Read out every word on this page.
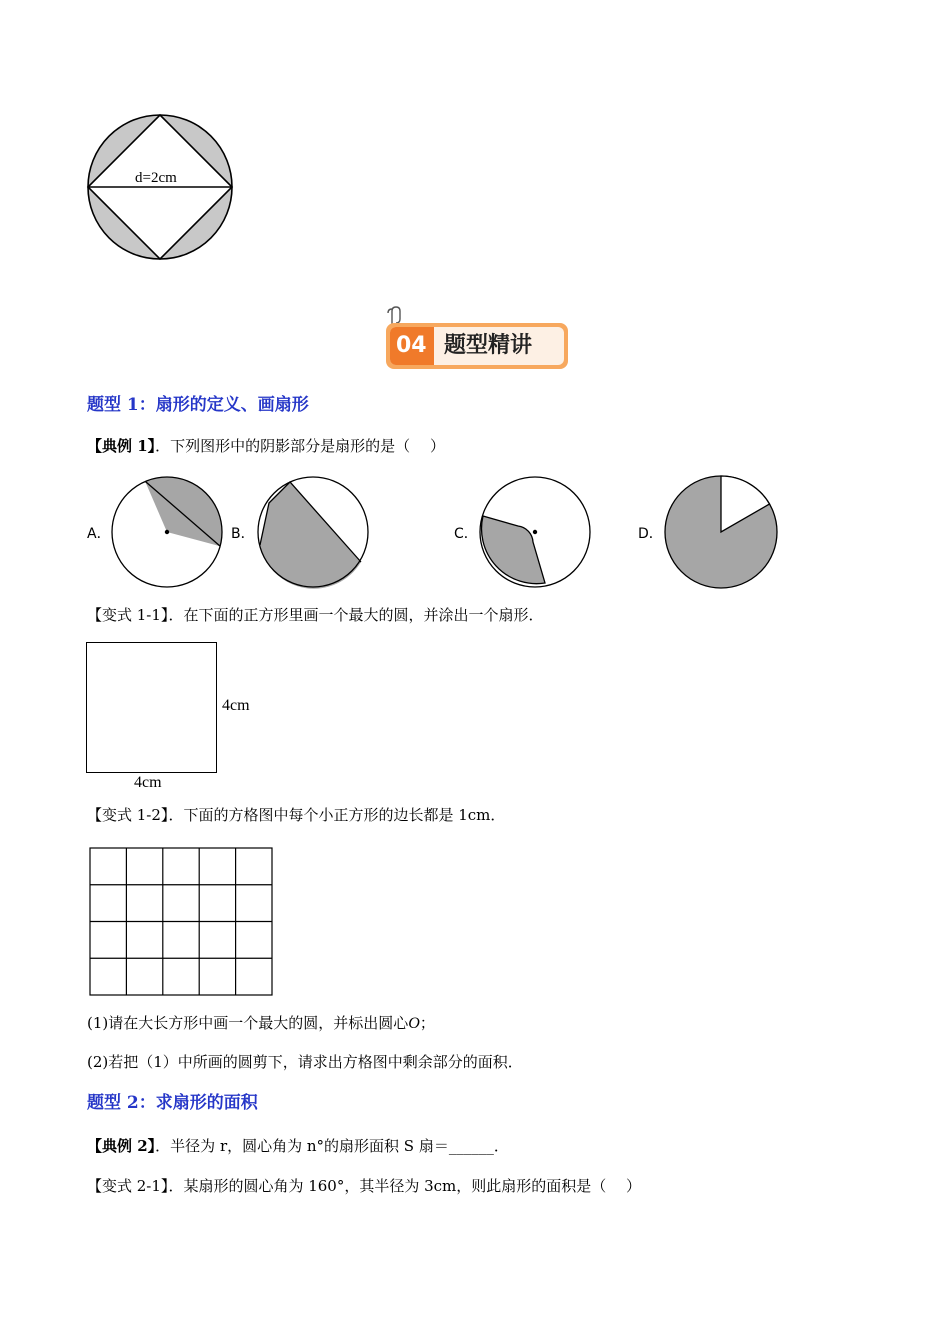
d=2cm
04 题型精讲
题型 1：扇形的定义、画扇形
【典例 1】．下列图形中的阴影部分是扇形的是（　 ）
A．	B．	C．	D．
【变式 1-1】．在下面的正方形里画一个最大的圆，并涂出一个扇形．
4cm
4cm
【变式 1-2】．下面的方格图中每个小正方形的边长都是 1cm．
(1)请在大长方形中画一个最大的圆，并标出圆心O；
(2)若把（1）中所画的圆剪下，请求出方格图中剩余部分的面积．
题型 2：求扇形的面积
【典例 2】．半径为 r，圆心角为 n°的扇形面积 S 扇＝______．
【变式 2-1】．某扇形的圆心角为 160°，其半径为 3cm，则此扇形的面积是（　 ）
